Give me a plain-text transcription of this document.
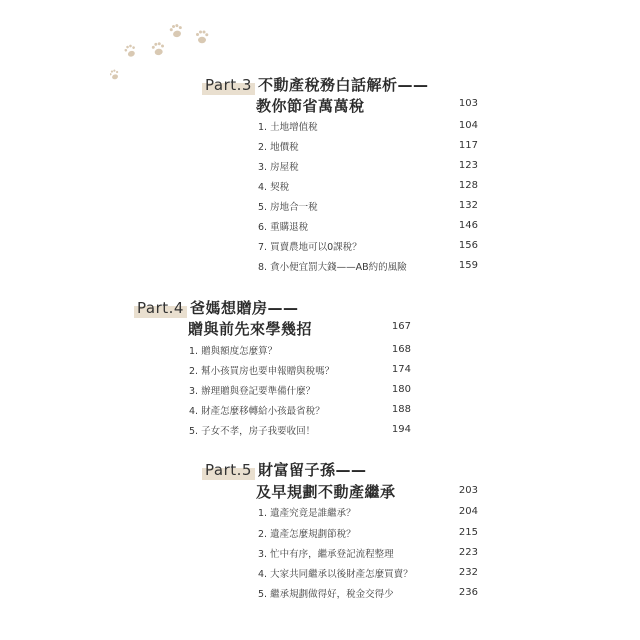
Part.3 不動產稅務白話解析——
教你節省萬萬稅	103
1. 土地增值稅	104
2. 地價稅	117
3. 房屋稅	123
4. 契稅	128
5. 房地合一稅	132
6. 重購退稅	146
7. 買賣農地可以0課稅？	156
8. 貪小便宜罰大錢——AB約的風險	159
Part.4 爸媽想贈房——
贈與前先來學幾招	167
1. 贈與額度怎麼算？	168
2. 幫小孩買房也要申報贈與稅嗎？	174
3. 辦理贈與登記要準備什麼？	180
4. 財產怎麼移轉給小孩最省稅？	188
5. 子女不孝，房子我要收回！	194
Part.5 財富留子孫——
及早規劃不動產繼承	203
1. 遺產究竟是誰繼承？	204
2. 遺產怎麼規劃節稅？	215
3. 忙中有序，繼承登記流程整理	223
4. 大家共同繼承以後財產怎麼買賣？	232
5. 繼承規劃做得好，稅金交得少	236
